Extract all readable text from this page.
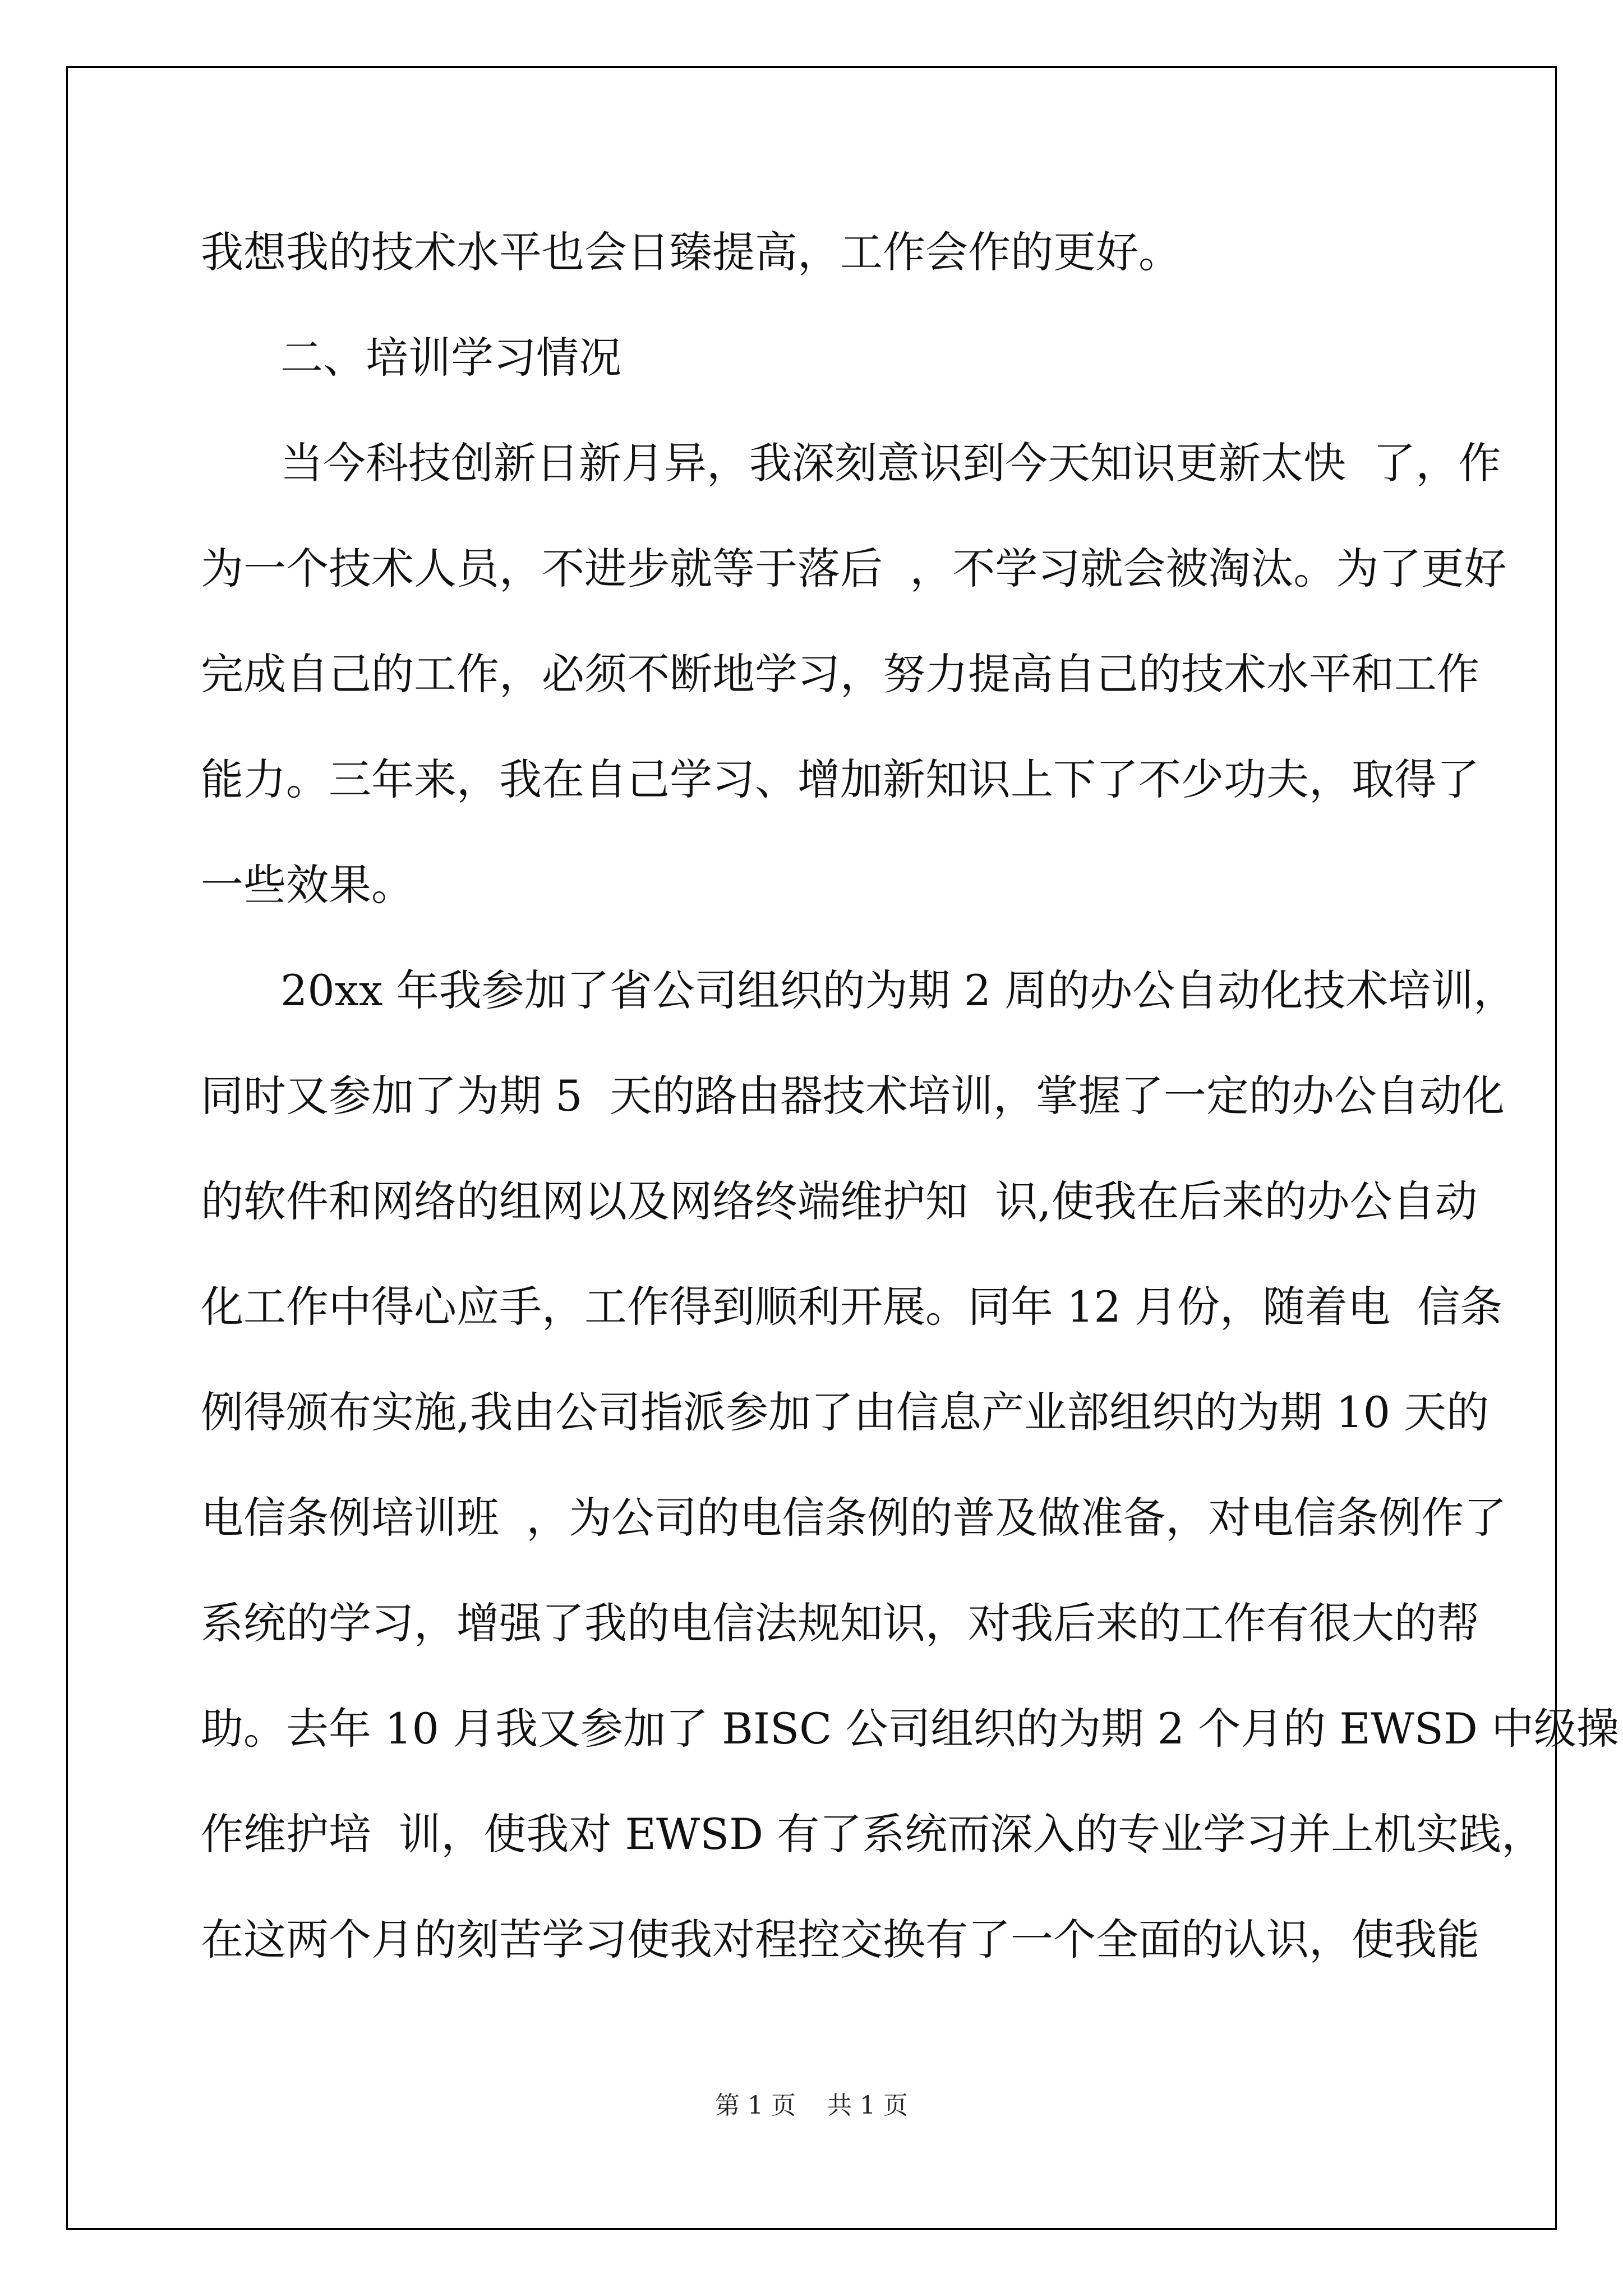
我想我的技术水平也会日臻提高，工作会作的更好。

二、培训学习情况

当今科技创新日新月异，我深刻意识到今天知识更新太快  了，作

为一个技术人员，不进步就等于落后  ，不学习就会被淘汰。为了更好

完成自己的工作，必须不断地学习，努力提高自己的技术水平和工作

能力。三年来，我在自己学习、增加新知识上下了不少功夫，取得了

一些效果。

20xx 年我参加了省公司组织的为期 2 周的办公自动化技术培训，

同时又参加了为期 5  天的路由器技术培训，掌握了一定的办公自动化

的软件和网络的组网以及网络终端维护知  识,使我在后来的办公自动

化工作中得心应手，工作得到顺利开展。同年 12 月份，随着电  信条

例得颁布实施,我由公司指派参加了由信息产业部组织的为期 10 天的

电信条例培训班  ，为公司的电信条例的普及做准备，对电信条例作了

系统的学习，增强了我的电信法规知识，对我后来的工作有很大的帮

助。去年 10 月我又参加了 BISC 公司组织的为期 2 个月的 EWSD 中级操

作维护培  训，使我对 EWSD 有了系统而深入的专业学习并上机实践，

在这两个月的刻苦学习使我对程控交换有了一个全面的认识，使我能

第 1 页    共 1 页
